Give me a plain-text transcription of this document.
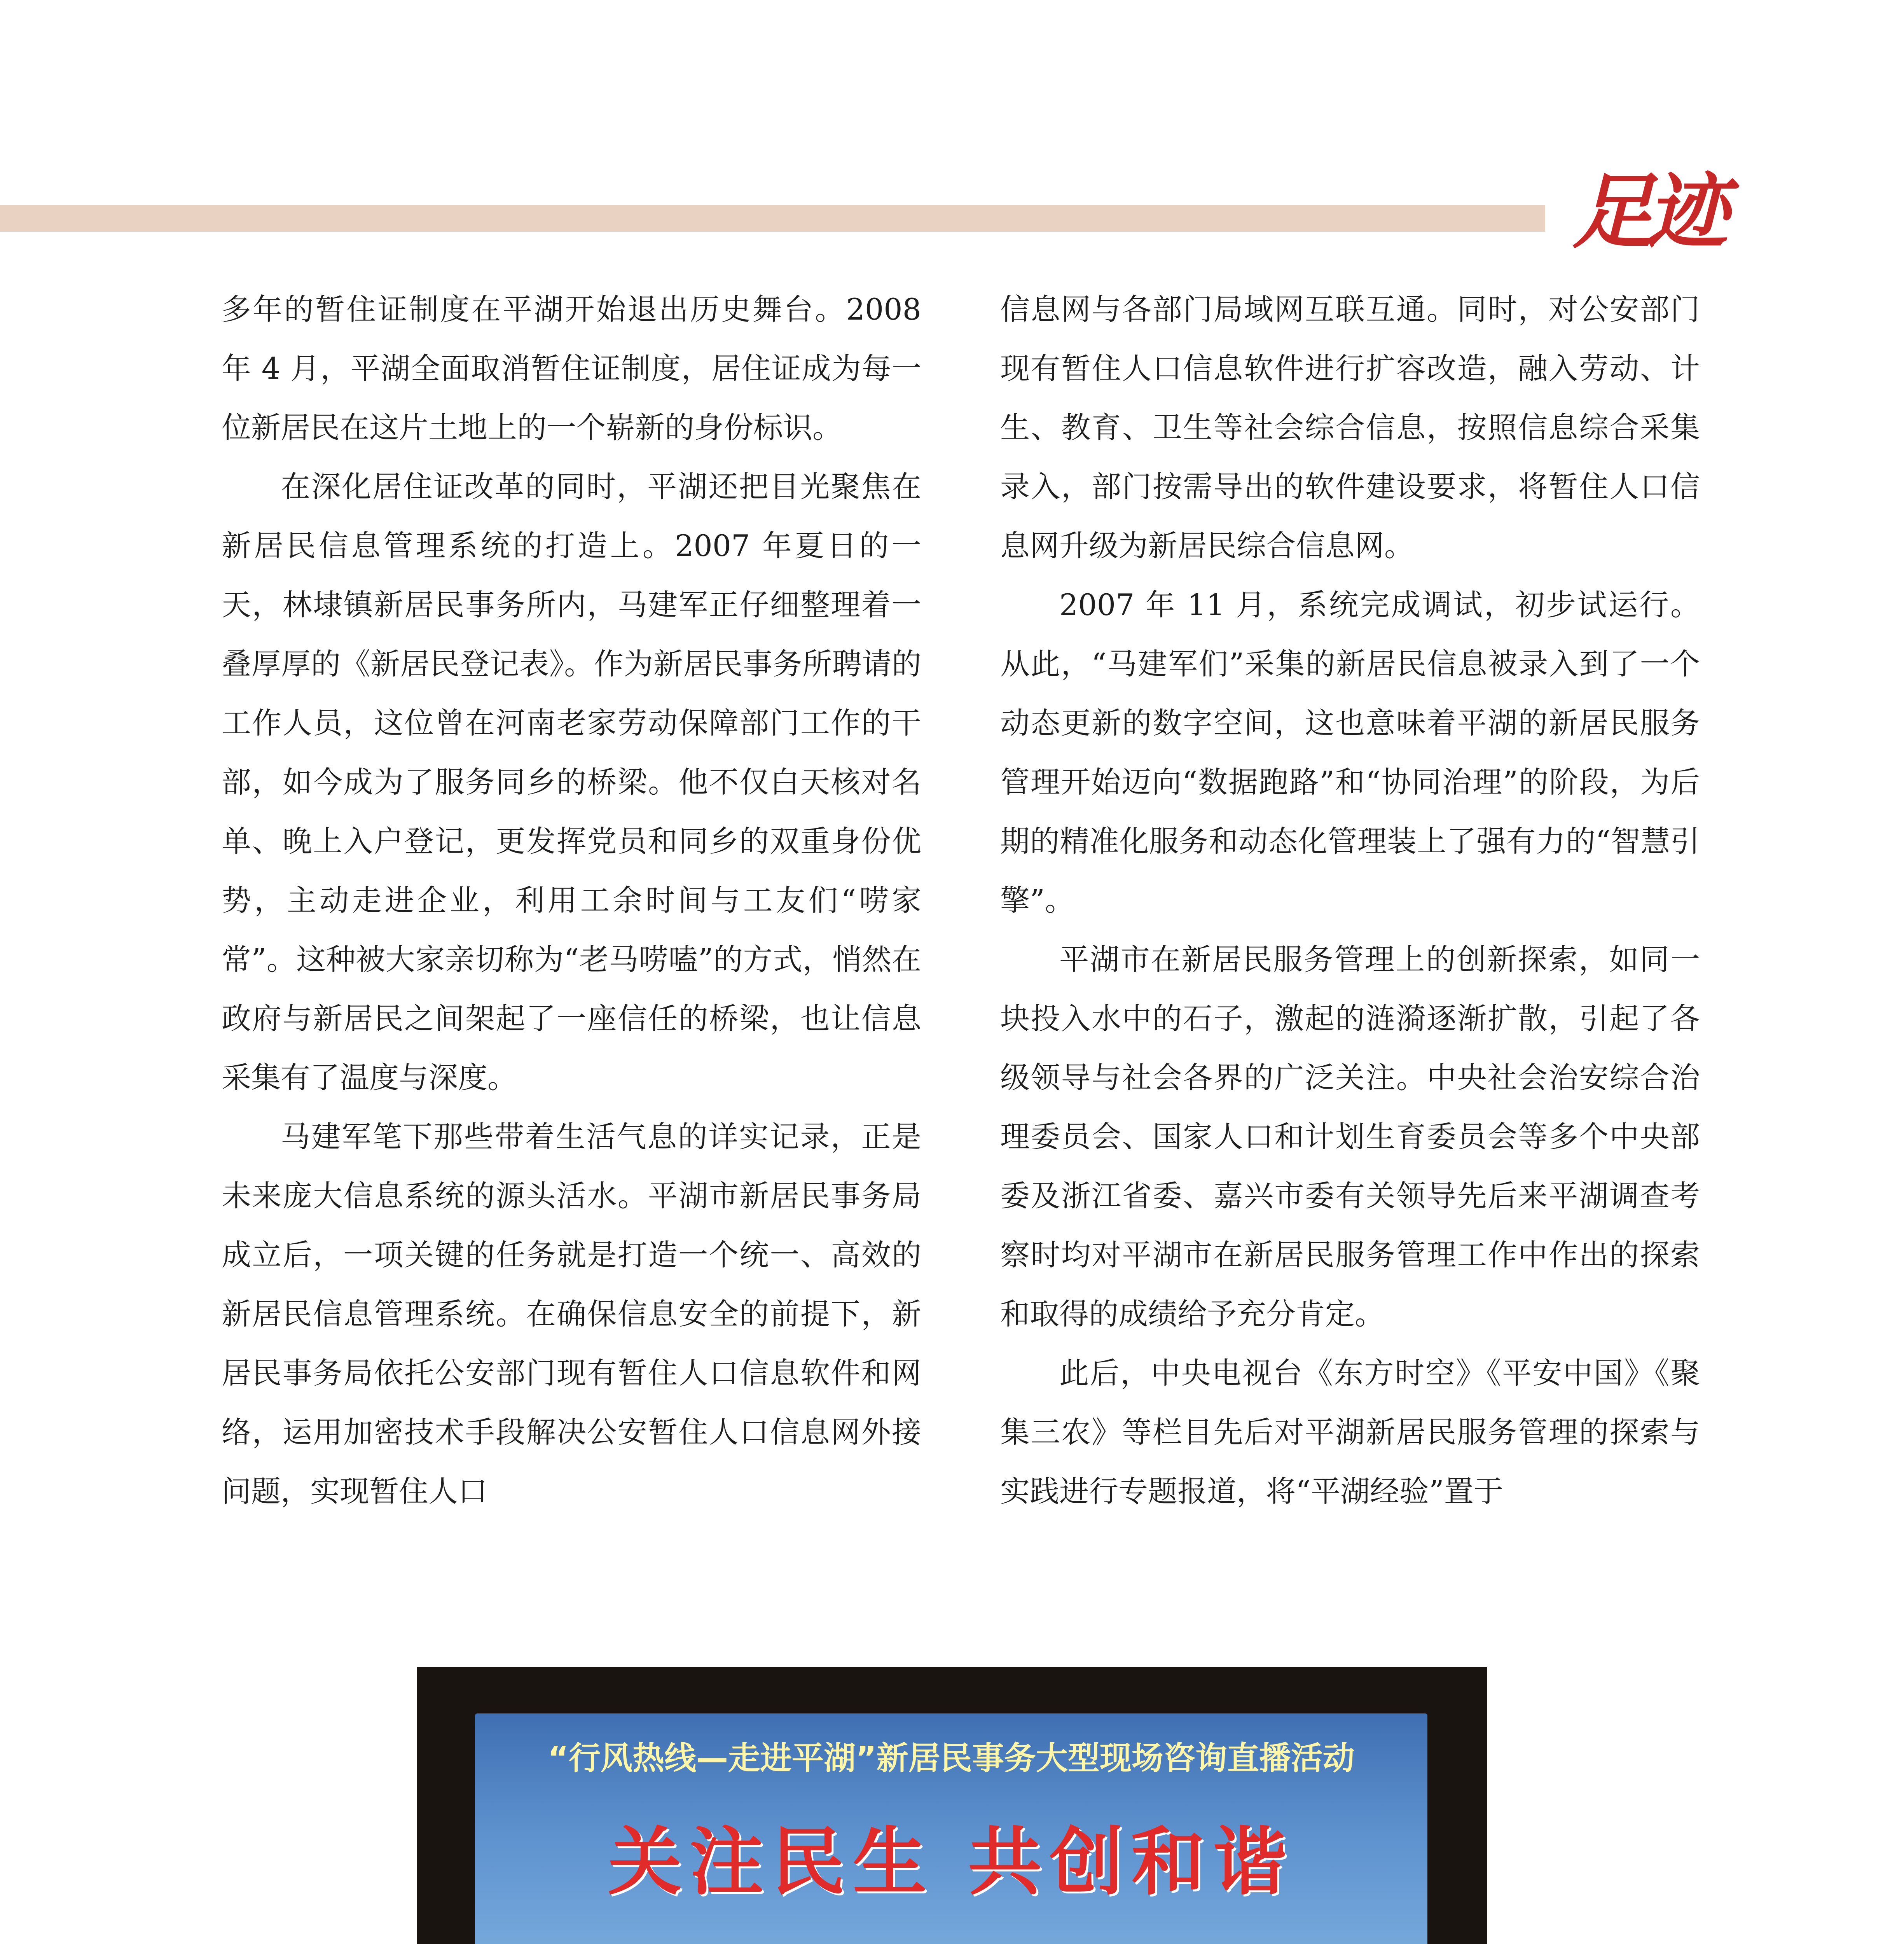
足迹

多年的暂住证制度在平湖开始退出历史舞台。2008 年 4 月，平湖全面取消暂住证制度，居住证成为每一位新居民在这片土地上的一个崭新的身份标识。

在深化居住证改革的同时，平湖还把目光聚焦在新居民信息管理系统的打造上。2007 年夏日的一天，林埭镇新居民事务所内，马建军正仔细整理着一叠厚厚的《新居民登记表》。作为新居民事务所聘请的工作人员，这位曾在河南老家劳动保障部门工作的干部，如今成为了服务同乡的桥梁。他不仅白天核对名单、晚上入户登记，更发挥党员和同乡的双重身份优势，主动走进企业，利用工余时间与工友们“唠家常”。这种被大家亲切称为“老马唠嗑”的方式，悄然在政府与新居民之间架起了一座信任的桥梁，也让信息采集有了温度与深度。

马建军笔下那些带着生活气息的详实记录，正是未来庞大信息系统的源头活水。平湖市新居民事务局成立后，一项关键的任务就是打造一个统一、高效的新居民信息管理系统。在确保信息安全的前提下，新居民事务局依托公安部门现有暂住人口信息软件和网络，运用加密技术手段解决公安暂住人口信息网外接问题，实现暂住人口

信息网与各部门局域网互联互通。同时，对公安部门现有暂住人口信息软件进行扩容改造，融入劳动、计生、教育、卫生等社会综合信息，按照信息综合采集录入，部门按需导出的软件建设要求，将暂住人口信息网升级为新居民综合信息网。

2007 年 11 月，系统完成调试，初步试运行。从此，“马建军们”采集的新居民信息被录入到了一个动态更新的数字空间，这也意味着平湖的新居民服务管理开始迈向“数据跑路”和“协同治理”的阶段，为后期的精准化服务和动态化管理装上了强有力的“智慧引擎”。

平湖市在新居民服务管理上的创新探索，如同一块投入水中的石子，激起的涟漪逐渐扩散，引起了各级领导与社会各界的广泛关注。中央社会治安综合治理委员会、国家人口和计划生育委员会等多个中央部委及浙江省委、嘉兴市委有关领导先后来平湖调查考察时均对平湖市在新居民服务管理工作中作出的探索和取得的成绩给予充分肯定。

此后，中央电视台《东方时空》《平安中国》《聚集三农》等栏目先后对平湖新居民服务管理的探索与实践进行专题报道，将“平湖经验”置于

“行风热线—走进平湖”新居民事务大型现场咨询直播活动
关注民生 共创和谐
